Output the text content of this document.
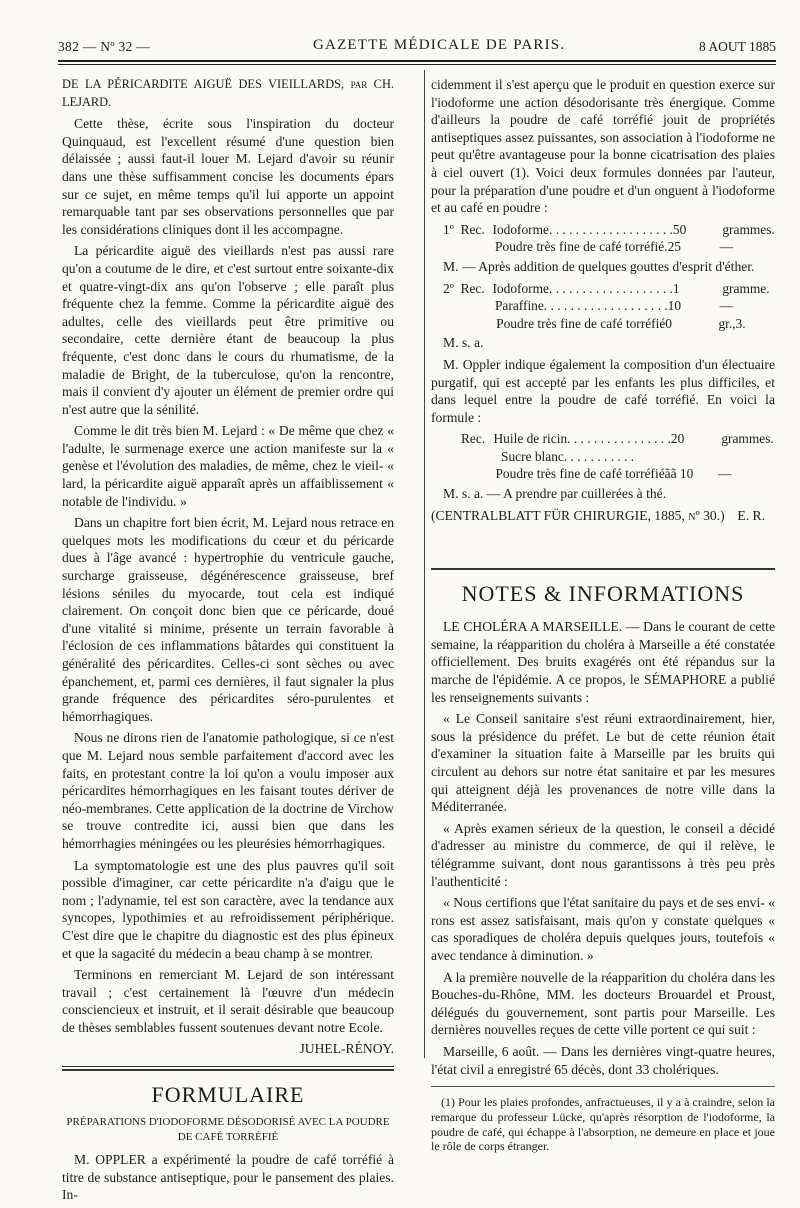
382 — Nº 32 —	GAZETTE MÉDICALE DE PARIS.	8 AOUT 1885

DE LA PÉRICARDITE AIGUË DES VIEILLARDS, par CH. LEJARD.

Cette thèse, écrite sous l'inspiration du docteur Quinquaud, est l'excellent résumé d'une question bien délaissée ; aussi faut-il louer M. Lejard d'avoir su réunir dans une thèse suffisamment concise les documents épars sur ce sujet, en même temps qu'il lui apporte un appoint remarquable tant par ses observations personnelles que par les considérations cliniques dont il les accompagne.

La péricardite aiguë des vieillards n'est pas aussi rare qu'on a coutume de le dire, et c'est surtout entre soixante-dix et quatre-vingt-dix ans qu'on l'observe ; elle paraît plus fréquente chez la femme. Comme la péricardite aiguë des adultes, celle des vieillards peut être primitive ou secondaire, cette dernière étant de beaucoup la plus fréquente, c'est donc dans le cours du rhumatisme, de la maladie de Bright, de la tuberculose, qu'on la rencontre, mais il convient d'y ajouter un élément de premier ordre qui n'est autre que la sénilité.

Comme le dit très bien M. Lejard : « De même que chez « l'adulte, le surmenage exerce une action manifeste sur la « genèse et l'évolution des maladies, de même, chez le vieil- « lard, la péricardite aiguë apparaît après un affaiblissement « notable de l'individu. »

Dans un chapitre fort bien écrit, M. Lejard nous retrace en quelques mots les modifications du cœur et du péricarde dues à l'âge avancé : hypertrophie du ventricule gauche, surcharge graisseuse, dégénérescence graisseuse, bref lésions séniles du myocarde, tout cela est indiqué clairement. On conçoit donc bien que ce péricarde, doué d'une vitalité si minime, présente un terrain favorable à l'éclosion de ces inflammations bâtardes qui constituent la généralité des péricardites. Celles-ci sont sèches ou avec épanchement, et, parmi ces dernières, il faut signaler la plus grande fréquence des péricardites séro-purulentes et hémorrhagiques.

Nous ne dirons rien de l'anatomie pathologique, si ce n'est que M. Lejard nous semble parfaitement d'accord avec les faits, en protestant contre la loi qu'on a voulu imposer aux péricardites hémorrhagiques en les faisant toutes dériver de néo-membranes. Cette application de la doctrine de Virchow se trouve contredite ici, aussi bien que dans les hémorrhagies méningées ou les pleurésies hémorrhagiques.

La symptomatologie est une des plus pauvres qu'il soit possible d'imaginer, car cette péricardite n'a d'aigu que le nom ; l'adynamie, tel est son caractère, avec la tendance aux syncopes, lypothimies et au refroidissement périphérique. C'est dire que le chapitre du diagnostic est des plus épineux et que la sagacité du médecin a beau champ à se montrer.

Terminons en remerciant M. Lejard de son intéressant travail ; c'est certainement là l'œuvre d'un médecin consciencieux et instruit, et il serait désirable que beaucoup de thèses semblables fussent soutenues devant notre Ecole.

JUHEL-RÉNOY.
FORMULAIRE
PRÉPARATIONS D'IODOFORME DÉSODORISÉ AVEC LA POUDRE DE CAFÉ TORRÉFIÉ

M. OPPLER a expérimenté la poudre de café torréfié à titre de substance antiseptique, pour le pansement des plaies. In-

cidemment il s'est aperçu que le produit en question exerce sur l'iodoforme une action désodorisante très énergique. Comme d'ailleurs la poudre de café torréfié jouit de propriétés antiseptiques assez puissantes, son association à l'iodoforme ne peut qu'être avantageuse pour la bonne cicatrisation des plaies à ciel ouvert (1). Voici deux formules données par l'auteur, pour la préparation d'une poudre et d'un onguent à l'iodoforme et au café en poudre :

1º Rec. Iodoforme. . . . . . . . . . . . . . . . . . . 50	grammes.
Poudre très fine de café torréfié. 25	—

M. — Après addition de quelques gouttes d'esprit d'éther.

2º Rec. Iodoforme. . . . . . . . . . . . . . . . . . . 1	gramme.
Paraffine. . . . . . . . . . . . . . . . . . . 10	—
Poudre très fine de café torréfié 0	gr.,3.

M. s. a.

M. Oppler indique également la composition d'un électuaire purgatif, qui est accepté par les enfants les plus difficiles, et dans lequel entre la poudre de café torréfié. En voici la formule :

Rec. Huile de ricin. . . . . . . . . . . . . . . . 20	grammes.
Sucre blanc. . . . . . . . . . .
Poudre très fine de café torréfié ãã 10	—

M. s. a. — A prendre par cuillerées à thé.

(CENTRALBLATT FÜR CHIRURGIE, 1885, nº 30.) E. R.
NOTES & INFORMATIONS

LE CHOLÉRA A MARSEILLE. — Dans le courant de cette semaine, la réapparition du choléra à Marseille a été constatée officiellement. Des bruits exagérés ont été répandus sur la marche de l'épidémie. A ce propos, le SÉMAPHORE a publié les renseignements suivants :

« Le Conseil sanitaire s'est réuni extraordinairement, hier, sous la présidence du préfet. Le but de cette réunion était d'examiner la situation faite à Marseille par les bruits qui circulent au dehors sur notre état sanitaire et par les mesures qui atteignent déjà les provenances de notre ville dans la Méditerranée.

« Après examen sérieux de la question, le conseil a décidé d'adresser au ministre du commerce, de qui il relève, le télégramme suivant, dont nous garantissons à très peu près l'authenticité :

« Nous certifions que l'état sanitaire du pays et de ses envi- « rons est assez satisfaisant, mais qu'on y constate quelques « cas sporadiques de choléra depuis quelques jours, toutefois « avec tendance à diminution. »

A la première nouvelle de la réapparition du choléra dans les Bouches-du-Rhône, MM. les docteurs Brouardel et Proust, délégués du gouvernement, sont partis pour Marseille. Les dernières nouvelles reçues de cette ville portent ce qui suit :

Marseille, 6 août. — Dans les dernières vingt-quatre heures, l'état civil a enregistré 65 décès, dont 33 cholériques.

(1) Pour les plaies profondes, anfractueuses, il y a à craindre, selon la remarque du professeur Lücke, qu'après résorption de l'iodoforme, la poudre de café, qui échappe à l'absorption, ne demeure en place et joue le rôle de corps étranger.
